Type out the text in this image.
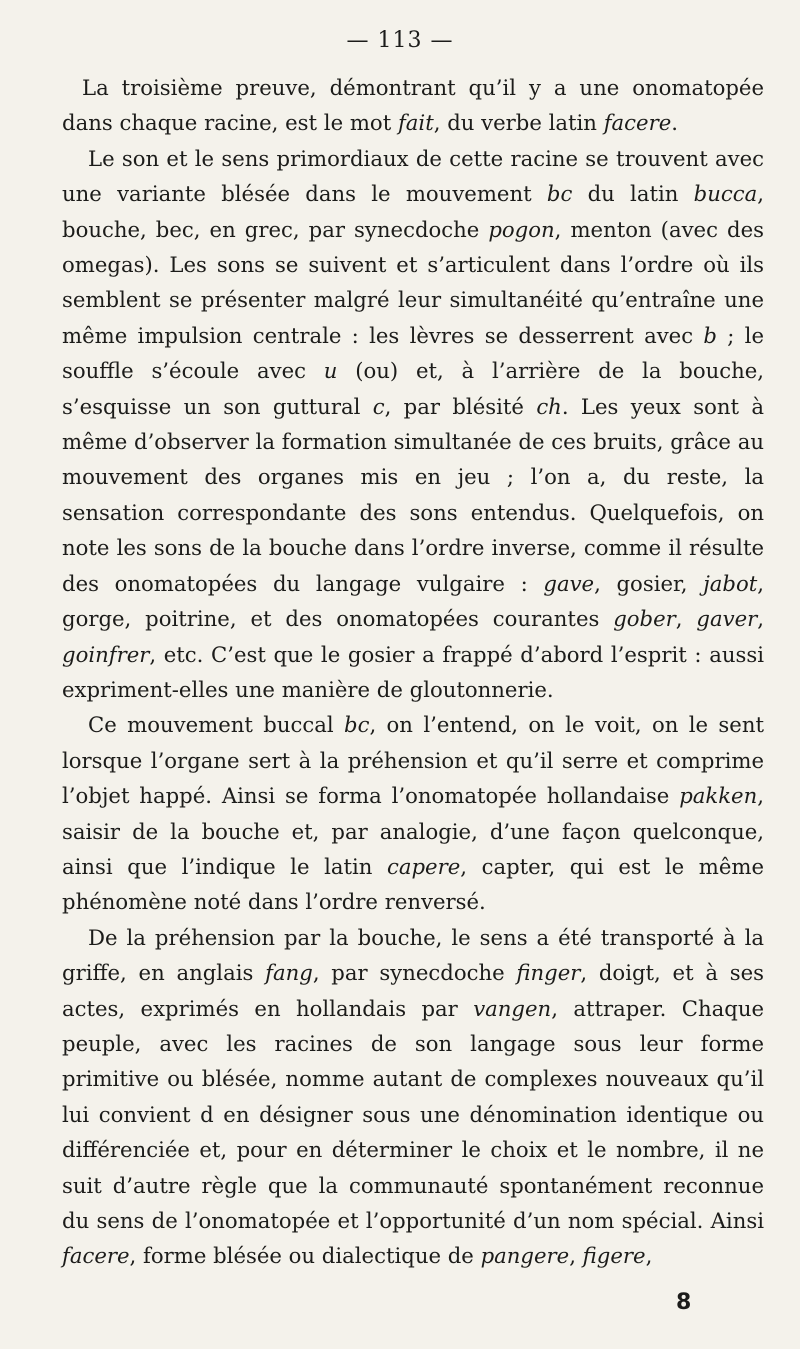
— 113 —

La troisième preuve, démontrant qu’il y a une onomatopée dans chaque racine, est le mot fait, du verbe latin facere.

Le son et le sens primordiaux de cette racine se trouvent avec une variante blésée dans le mouvement bc du latin bucca, bouche, bec, en grec, par synecdoche pogon, menton (avec des omegas). Les sons se suivent et s’articulent dans l’ordre où ils semblent se présenter malgré leur simultanéité qu’entraîne une même impulsion centrale : les lèvres se desserrent avec b ; le souffle s’écoule avec u (ou) et, à l’arrière de la bouche, s’esquisse un son guttural c, par blésité ch. Les yeux sont à même d’observer la formation simultanée de ces bruits, grâce au mouvement des organes mis en jeu ; l’on a, du reste, la sensation correspondante des sons entendus. Quelquefois, on note les sons de la bouche dans l’ordre inverse, comme il résulte des onomatopées du langage vulgaire : gave, gosier, jabot, gorge, poitrine, et des onomatopées courantes gober, gaver, goinfrer, etc. C’est que le gosier a frappé d’abord l’esprit : aussi expriment-elles une manière de gloutonnerie.

Ce mouvement buccal bc, on l’entend, on le voit, on le sent lorsque l’organe sert à la préhension et qu’il serre et comprime l’objet happé. Ainsi se forma l’onomatopée hollandaise pakken, saisir de la bouche et, par analogie, d’une façon quelconque, ainsi que l’indique le latin capere, capter, qui est le même phénomène noté dans l’ordre renversé.

De la préhension par la bouche, le sens a été transporté à la griffe, en anglais fang, par synecdoche finger, doigt, et à ses actes, exprimés en hollandais par vangen, attraper. Chaque peuple, avec les racines de son langage sous leur forme primitive ou blésée, nomme autant de complexes nouveaux qu’il lui convient d en désigner sous une dénomination identique ou différenciée et, pour en déterminer le choix et le nombre, il ne suit d’autre règle que la communauté spontanément reconnue du sens de l’onomatopée et l’opportunité d’un nom spécial. Ainsi facere, forme blésée ou dialectique de pangere, figere,

8
